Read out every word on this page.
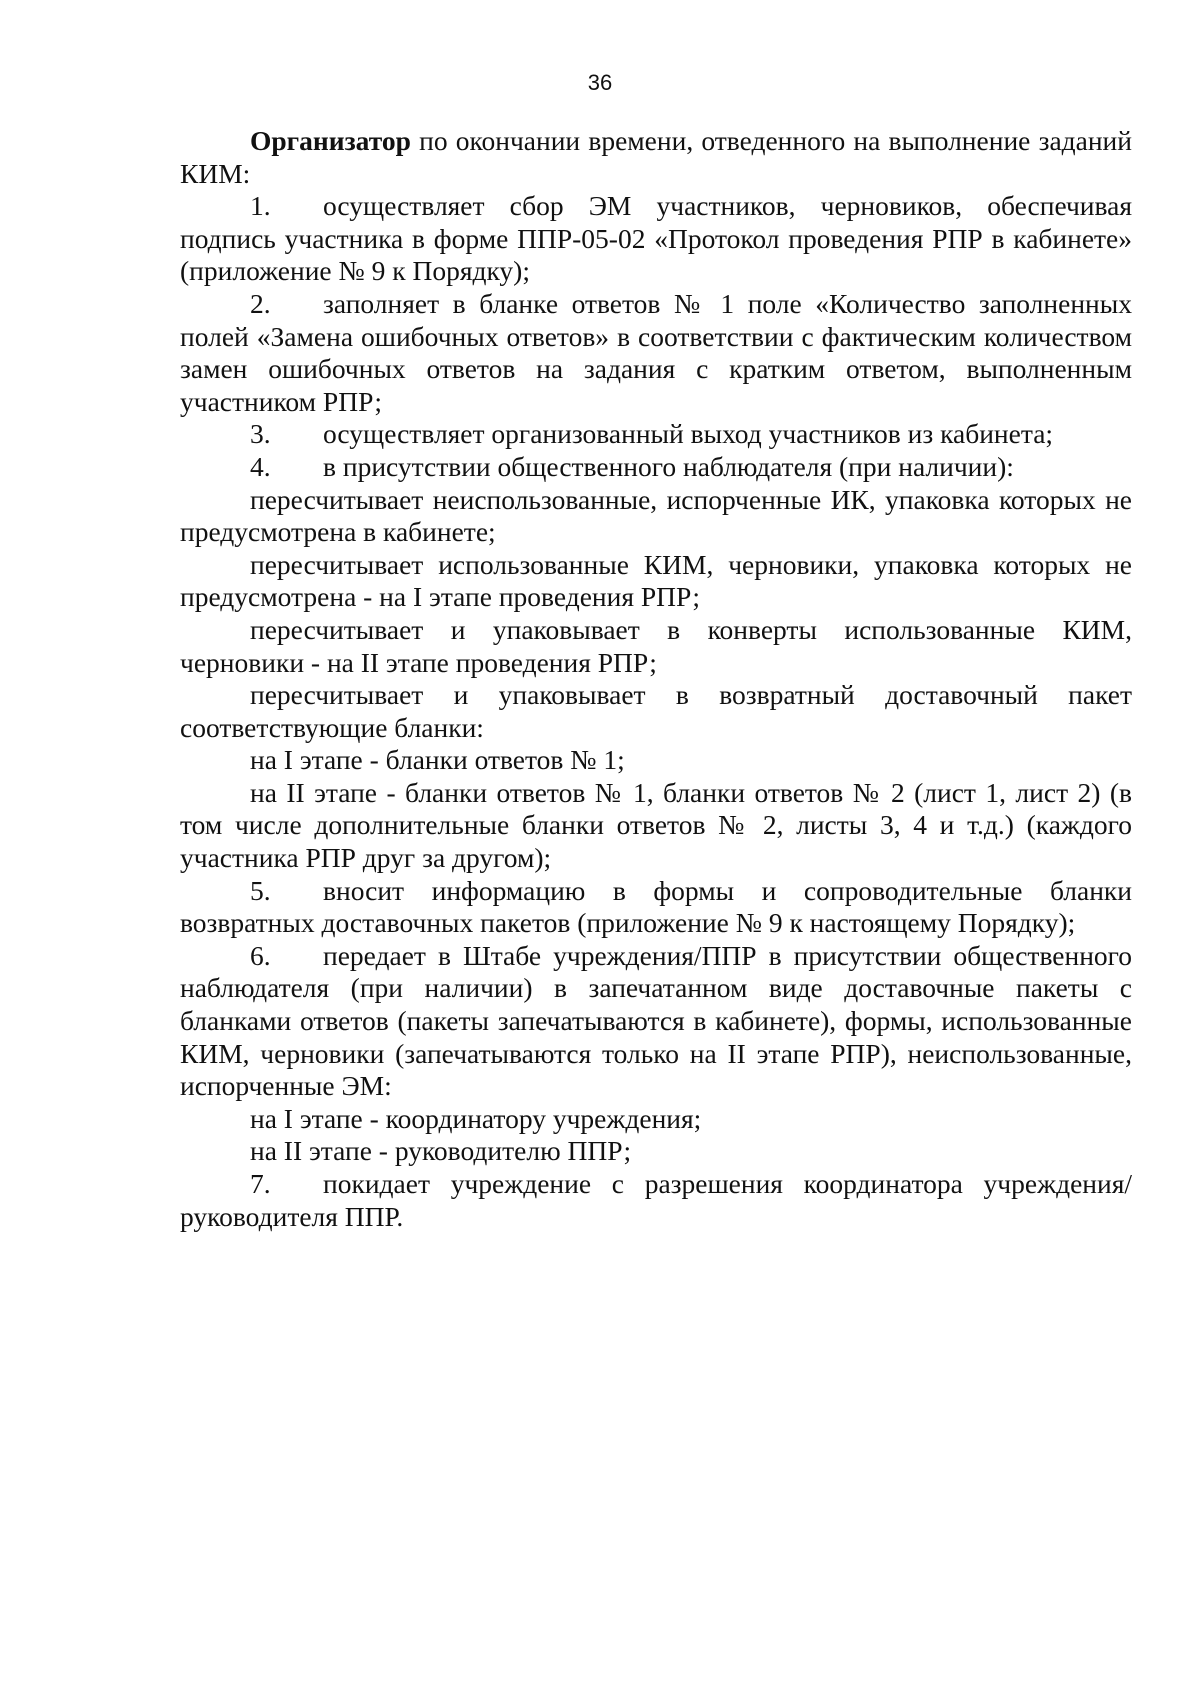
36

Организатор по окончании времени, отведенного на выполнение заданий КИМ:

1. осуществляет сбор ЭМ участников, черновиков, обеспечивая подпись участника в форме ППР-05-02 «Протокол проведения РПР в кабинете» (приложение № 9 к Порядку);

2. заполняет в бланке ответов № 1 поле «Количество заполненных полей «Замена ошибочных ответов» в соответствии с фактическим количеством замен ошибочных ответов на задания с кратким ответом, выполненным участником РПР;

3. осуществляет организованный выход участников из кабинета;

4. в присутствии общественного наблюдателя (при наличии):

пересчитывает неиспользованные, испорченные ИК, упаковка которых не предусмотрена в кабинете;

пересчитывает использованные КИМ, черновики, упаковка которых не предусмотрена - на I этапе проведения РПР;

пересчитывает и упаковывает в конверты использованные КИМ, черновики - на II этапе проведения РПР;

пересчитывает и упаковывает в возвратный доставочный пакет соответствующие бланки:

на I этапе - бланки ответов № 1;

на II этапе - бланки ответов № 1, бланки ответов № 2 (лист 1, лист 2) (в том числе дополнительные бланки ответов № 2, листы 3, 4 и т.д.) (каждого участника РПР друг за другом);

5. вносит информацию в формы и сопроводительные бланки возвратных доставочных пакетов (приложение № 9 к настоящему Порядку);

6. передает в Штабе учреждения/ППР в присутствии общественного наблюдателя (при наличии) в запечатанном виде доставочные пакеты с бланками ответов (пакеты запечатываются в кабинете), формы, использованные КИМ, черновики (запечатываются только на II этапе РПР), неиспользованные, испорченные ЭМ:

на I этапе - координатору учреждения;

на II этапе - руководителю ППР;

7. покидает учреждение с разрешения координатора учреждения/руководителя ППР.
